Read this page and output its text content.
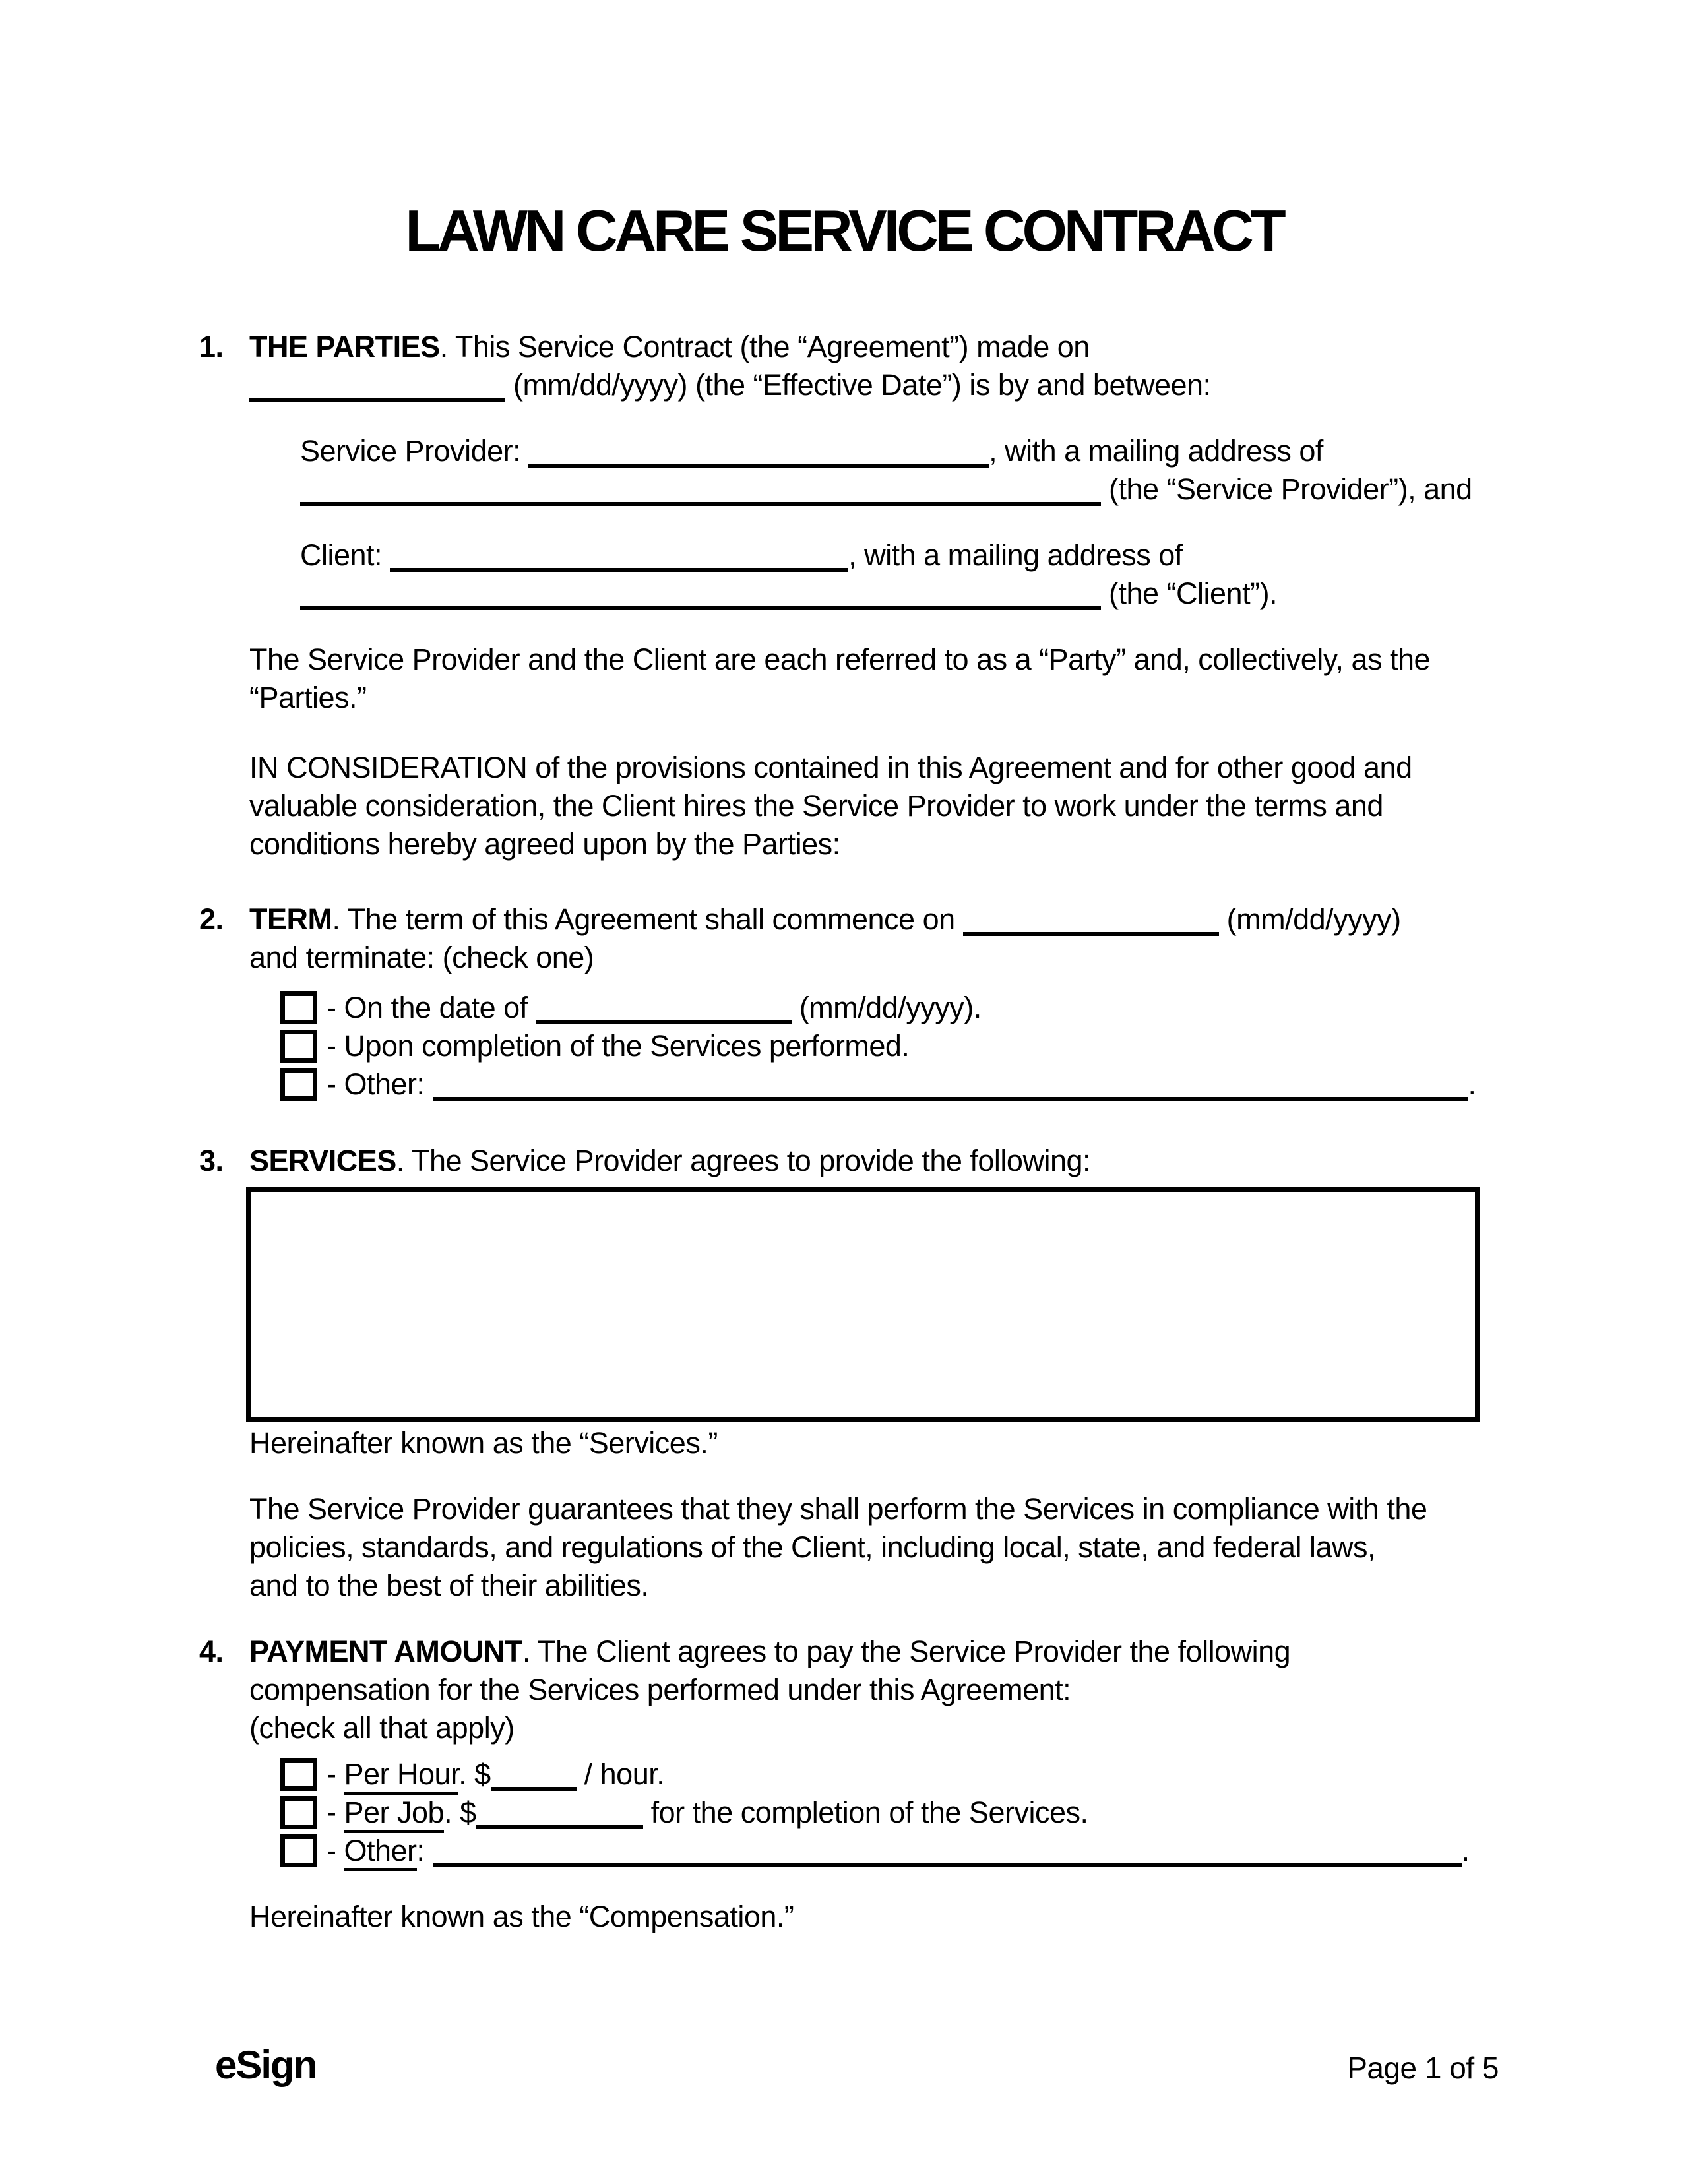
LAWN CARE SERVICE CONTRACT
1. THE PARTIES. This Service Contract (the “Agreement”) made on
(mm/dd/yyyy) (the “Effective Date”) is by and between:
Service Provider:	, with a mailing address of
(the “Service Provider”), and
Client:	, with a mailing address of
(the “Client”).
The Service Provider and the Client are each referred to as a “Party” and, collectively, as the
“Parties.”
IN CONSIDERATION of the provisions contained in this Agreement and for other good and
valuable consideration, the Client hires the Service Provider to work under the terms and
conditions hereby agreed upon by the Parties:
2. TERM. The term of this Agreement shall commence on	(mm/dd/yyyy)
and terminate: (check one)
- On the date of	(mm/dd/yyyy).
- Upon completion of the Services performed.
- Other:	.
3. SERVICES. The Service Provider agrees to provide the following:
Hereinafter known as the “Services.”
The Service Provider guarantees that they shall perform the Services in compliance with the
policies, standards, and regulations of the Client, including local, state, and federal laws,
and to the best of their abilities.
4. PAYMENT AMOUNT. The Client agrees to pay the Service Provider the following
compensation for the Services performed under this Agreement:
(check all that apply)
- Per Hour. $	/ hour.
- Per Job. $	for the completion of the Services.
- Other:	.
Hereinafter known as the “Compensation.”
eSign	Page 1 of 5
